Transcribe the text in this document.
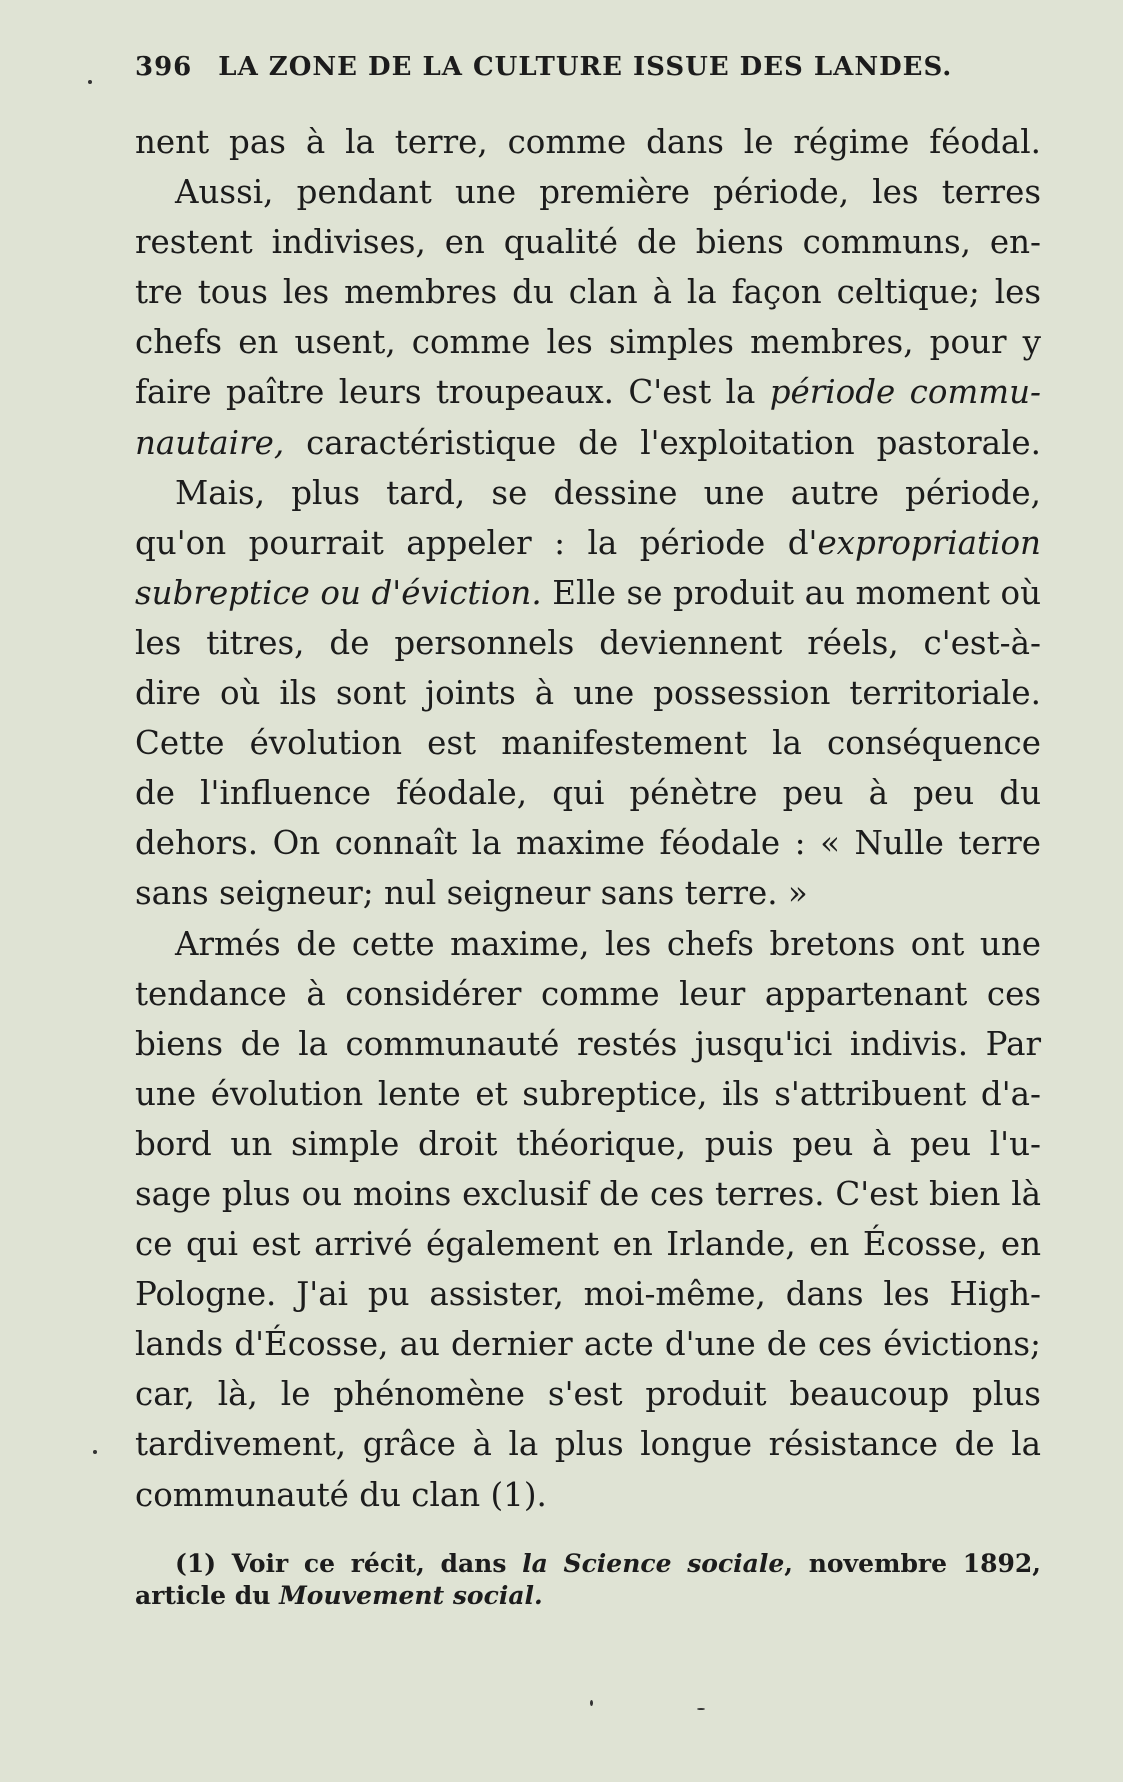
396 LA ZONE DE LA CULTURE ISSUE DES LANDES.
nent pas à la terre, comme dans le régime féodal.
Aussi, pendant une première période, les terres
restent indivises, en qualité de biens communs, en-
tre tous les membres du clan à la façon celtique; les
chefs en usent, comme les simples membres, pour y
faire paître leurs troupeaux. C'est la période commu-
nautaire, caractéristique de l'exploitation pastorale.
Mais, plus tard, se dessine une autre période,
qu'on pourrait appeler : la période d'expropriation
subreptice ou d'éviction. Elle se produit au moment où
les titres, de personnels deviennent réels, c'est-à-
dire où ils sont joints à une possession territoriale.
Cette évolution est manifestement la conséquence
de l'influence féodale, qui pénètre peu à peu du
dehors. On connaît la maxime féodale : « Nulle terre
sans seigneur; nul seigneur sans terre. »
Armés de cette maxime, les chefs bretons ont une
tendance à considérer comme leur appartenant ces
biens de la communauté restés jusqu'ici indivis. Par
une évolution lente et subreptice, ils s'attribuent d'a-
bord un simple droit théorique, puis peu à peu l'u-
sage plus ou moins exclusif de ces terres. C'est bien là
ce qui est arrivé également en Irlande, en Écosse, en
Pologne. J'ai pu assister, moi-même, dans les High-
lands d'Écosse, au dernier acte d'une de ces évictions;
car, là, le phénomène s'est produit beaucoup plus
tardivement, grâce à la plus longue résistance de la
communauté du clan (1).
(1) Voir ce récit, dans la Science sociale, novembre 1892,
article du Mouvement social.
